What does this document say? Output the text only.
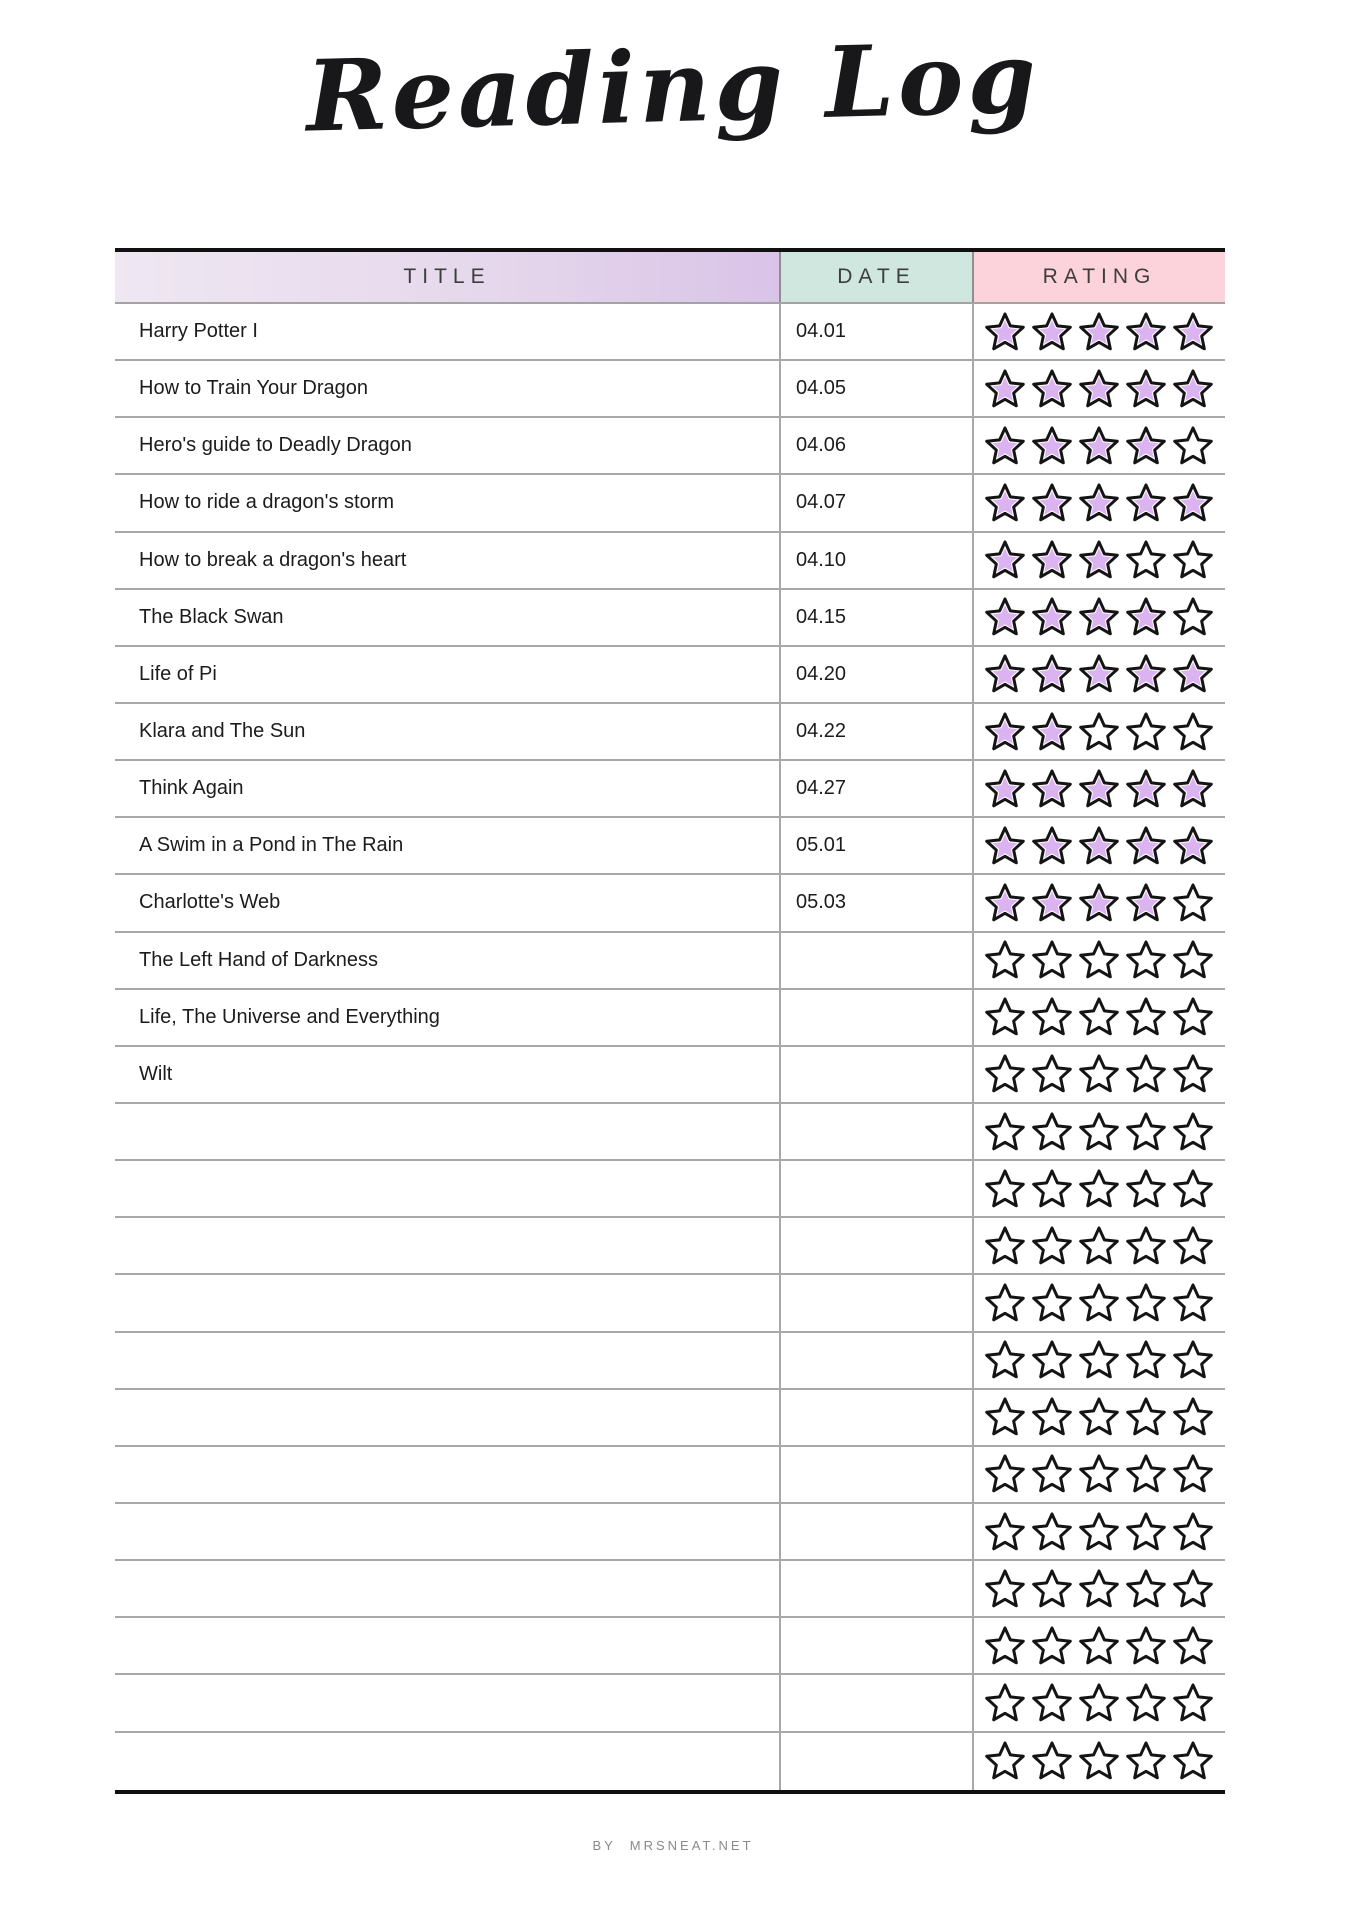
Reading Log
TITLE	DATE	RATING
Harry Potter I	04.01
How to Train Your Dragon	04.05
Hero's guide to Deadly Dragon	04.06
How to ride a dragon's storm	04.07
How to break a dragon's heart	04.10
The Black Swan	04.15
Life of Pi	04.20
Klara and The Sun	04.22
Think Again	04.27
A Swim in a Pond in The Rain	05.01
Charlotte's Web	05.03
The Left Hand of Darkness
Life, The Universe and Everything
Wilt
BY MRSNEAT.NET
